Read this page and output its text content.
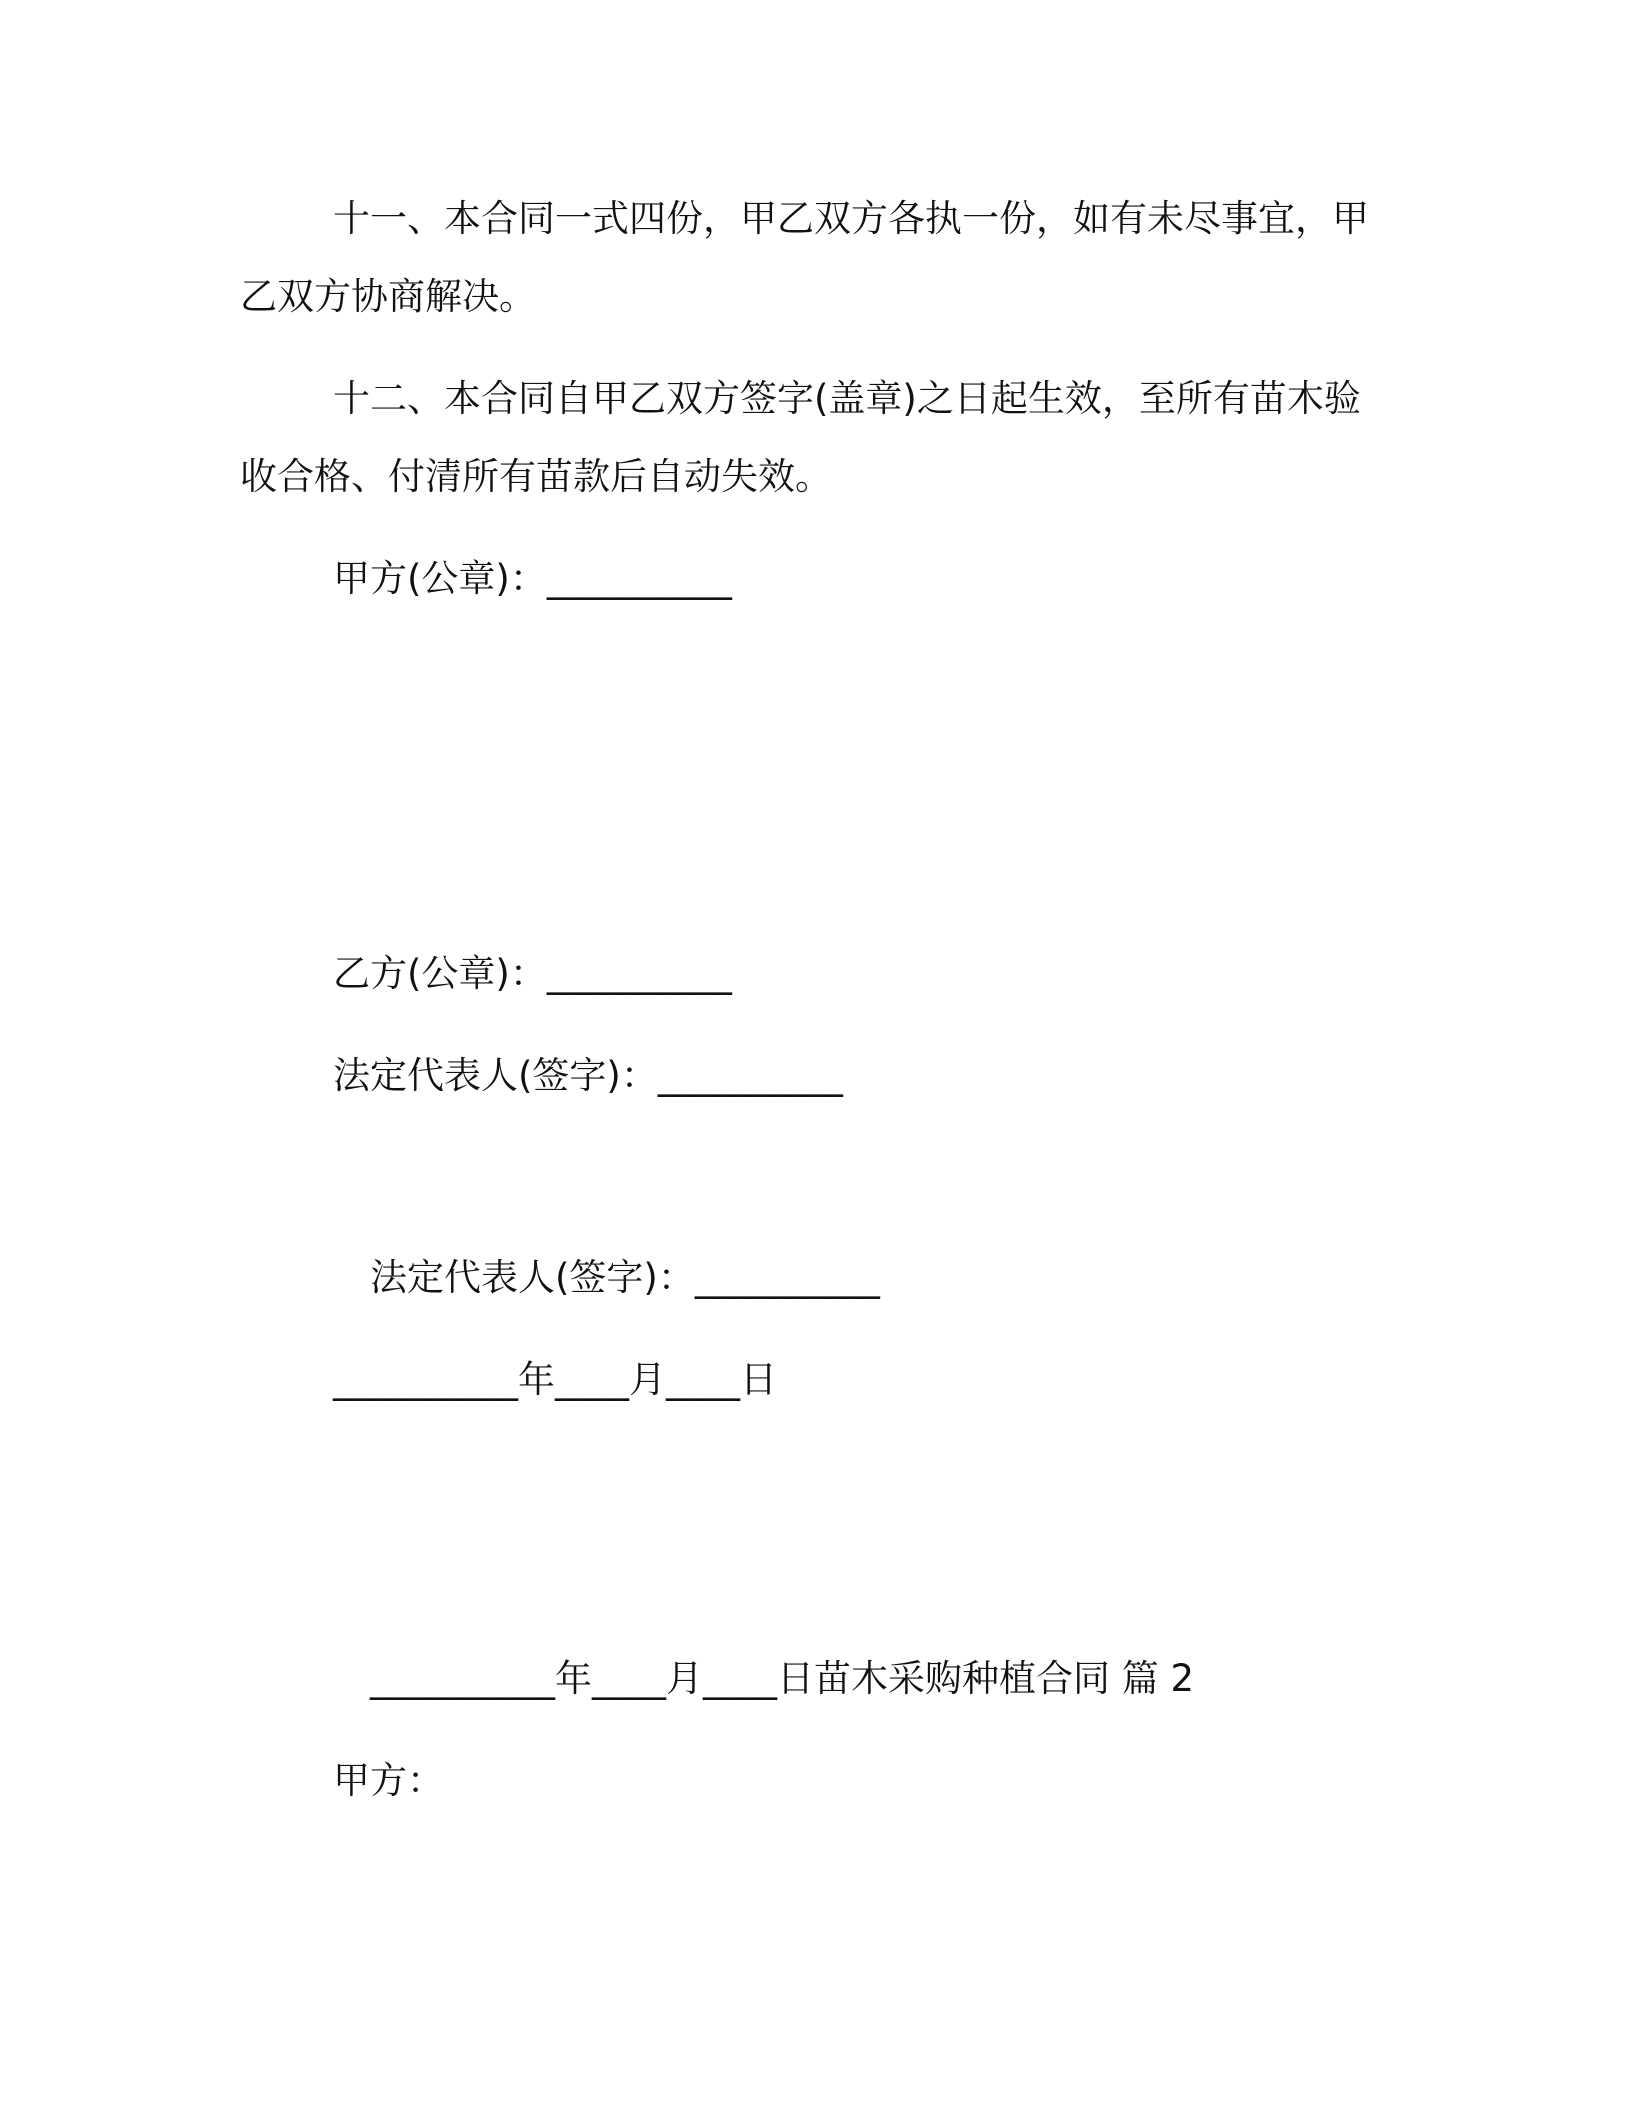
十一、本合同一式四份，甲乙双方各执一份，如有未尽事宜，甲
乙双方协商解决。
十二、本合同自甲乙双方签字(盖章)之日起生效，至所有苗木验
收合格、付清所有苗款后自动失效。
甲方(公章)：__________
乙方(公章)：__________
法定代表人(签字)：__________
法定代表人(签字)：__________
__________年____月____日
__________年____月____日苗木采购种植合同 篇 2
甲方：
